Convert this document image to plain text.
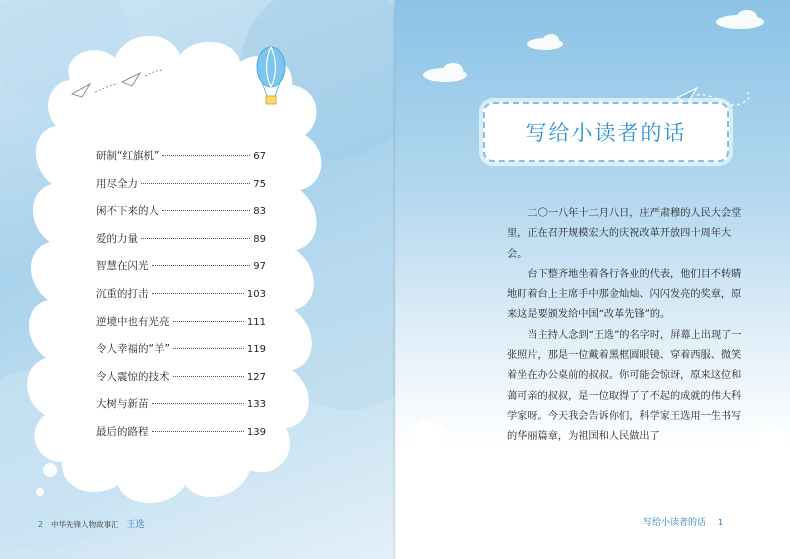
研制“红旗机”	67
用尽全力	75
闲不下来的人	83
爱的力量	89
智慧在闪光	97
沉重的打击	103
逆境中也有光亮	111
令人幸福的“羊”	119
令人震惊的技术	127
大树与新苗	133
最后的路程	139
2 中华先锋人物故事汇 王选
写给小读者的话

二〇一八年十二月八日，庄严肃穆的人民大会堂里，正在召开规模宏大的庆祝改革开放四十周年大会。

台下整齐地坐着各行各业的代表，他们目不转睛地盯着台上主席手中那金灿灿、闪闪发亮的奖章，原来这是要颁发给中国“改革先锋”的。

当主持人念到“王选”的名字时，屏幕上出现了一张照片，那是一位戴着黑框圆眼镜、穿着西服、微笑着坐在办公桌前的叔叔。你可能会惊讶，原来这位和蔼可亲的叔叔，是一位取得了了不起的成就的伟大科学家呀。今天我会告诉你们，科学家王选用一生书写的华丽篇章，为祖国和人民做出了

写给小读者的话 1
